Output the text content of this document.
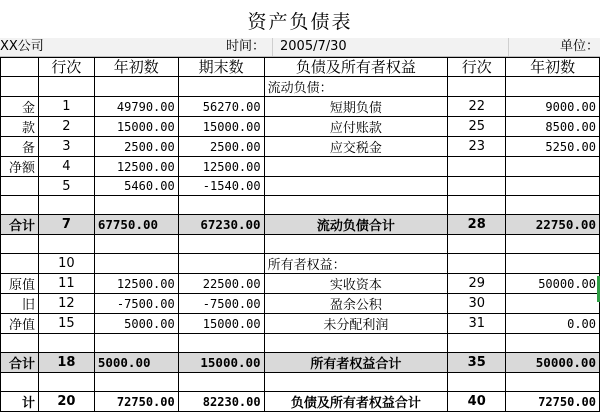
资产负债表
XX公司	时间： 2005/7/30	单位：
	行次	年初数	期末数	负债及所有者权益	行次	年初数
				流动负债：		
金	1	49790.00	56270.00	短期负债	22	9000.00
款	2	15000.00	15000.00	应付账款	25	8500.00
备	3	2500.00	2500.00	应交税金	23	5250.00
净额	4	12500.00	12500.00			
	5	5460.00	-1540.00			

合计	7	67750.00	67230.00	流动负债合计	28	22750.00

	10			所有者权益：		
原值	11	12500.00	22500.00	实收资本	29	50000.00
旧	12	-7500.00	-7500.00	盈余公积	30	
净值	15	5000.00	15000.00	未分配利润	31	0.00

合计	18	5000.00	15000.00	所有者权益合计	35	50000.00

计	20	72750.00	82230.00	负债及所有者权益合计	40	72750.00
